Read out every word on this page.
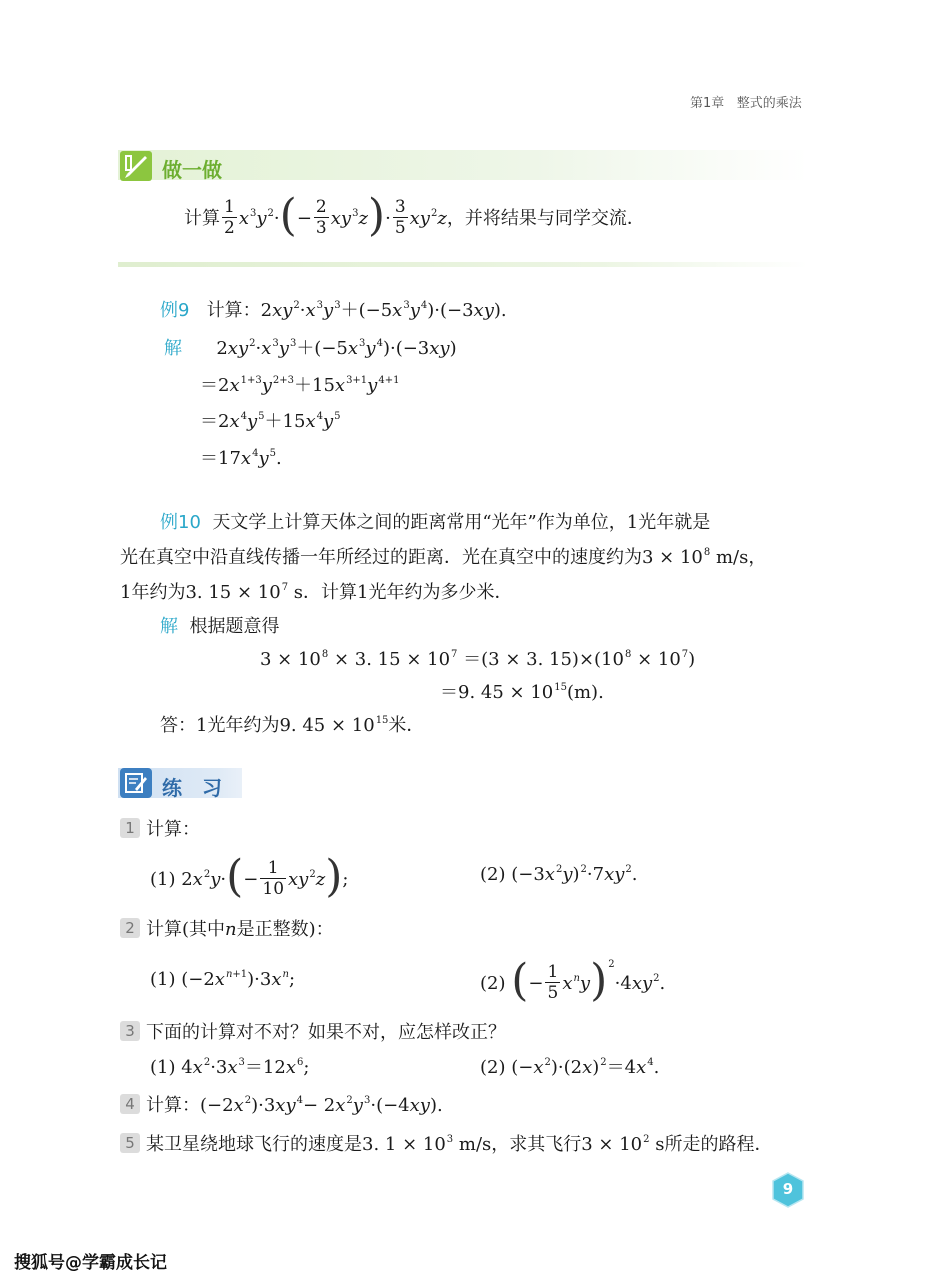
第1章 整式的乘法
做一做
计算 $\frac{1}{2} x^3y^2\cdot(- \frac{2}{3} xy^3z)\cdot \frac{3}{5} xy^2z$，并将结果与同学交流．
例9 计算：$2xy^2\cdot x^3y^3+(-5x^3y^4)\cdot(-3xy)$.
解      $2xy^2\cdot x^3y^3+(-5x^3y^4)\cdot(-3xy)$
$=2x^{1+3}y^{2+3}+15x^{3+1}y^{4+1}$
$=2x^4y^5+15x^4y^5$
$=17x^4y^5$.
例10 天文学上计算天体之间的距离常用“光年”作为单位，1光年就是
光在真空中沿直线传播一年所经过的距离．光在真空中的速度约为$3 \times 10^8$ m/s，
1年约为3. $15 \times 10^7$ s．计算1光年约为多少米．
解 根据题意得
$3 \times 10^8 \times 3$. $15 \times 10^7 =(3 \times 3$. $15)\times(10^8 \times 10^7)$
＝9. $45 \times 10^{15}(m)$.
答：1光年约为9. $45 \times 10^{15}$米．
练　习
1 计算：
(1) $2x^2y\cdot(- \frac{1}{10} xy^2z)$;	(2) $(-3x^2y)^2\cdot 7xy^2$.
2 计算(其中n是正整数)：
(1) $(-2x^{n+1})\cdot 3x^n$;	(2) (− $\frac{1}{5} x^ny)^2\cdot 4xy^2$.
3 下面的计算对不对？如果不对，应怎样改正？
(1) $4x^2\cdot 3x^3=12x^6$;	(2) $(-x^2)\cdot(2x)^2=4x^4$.
4 计算：$(-2x^2)\cdot 3xy^4- 2x^2y^3\cdot(-4xy)$.
5 某卫星绕地球飞行的速度是3. $1 \times 10^3$ m/s，求其飞行$3 \times 10^2$ s所走的路程．
9
搜狐号@学霸成长记
